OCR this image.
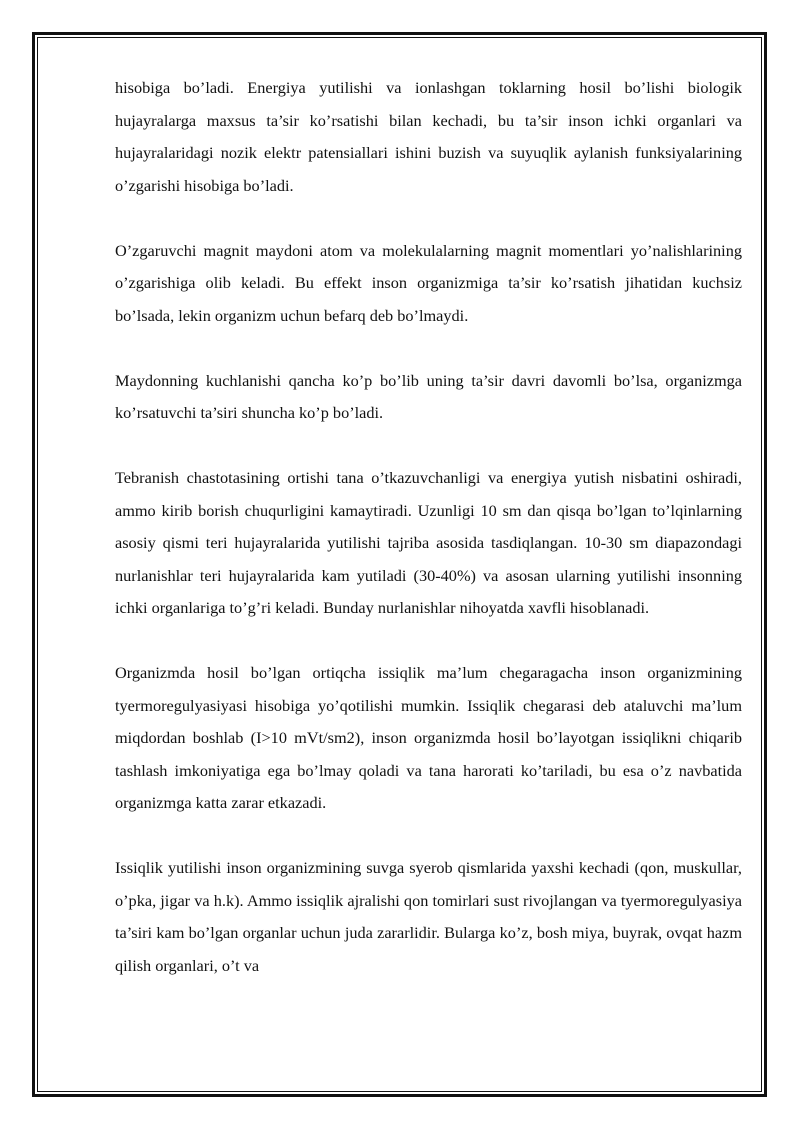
hisobiga bo’ladi. Energiya yutilishi va ionlashgan toklarning hosil bo’lishi biologik hujayralarga maxsus ta’sir ko’rsatishi bilan kechadi, bu ta’sir inson ichki organlari va hujayralaridagi nozik elektr patensiallari ishini buzish va suyuqlik aylanish funksiyalarining o’zgarishi hisobiga bo’ladi.

O’zgaruvchi magnit maydoni atom va molekulalarning magnit momentlari yo’nalishlarining o’zgarishiga olib keladi. Bu effekt inson organizmiga ta’sir ko’rsatish jihatidan kuchsiz bo’lsada, lekin organizm uchun befarq deb bo’lmaydi.

Maydonning kuchlanishi qancha ko’p bo’lib uning ta’sir davri davomli bo’lsa, organizmga ko’rsatuvchi ta’siri shuncha ko’p bo’ladi.

Tebranish chastotasining ortishi tana o’tkazuvchanligi va energiya yutish nisbatini oshiradi, ammo kirib borish chuqurligini kamaytiradi. Uzunligi 10 sm dan qisqa bo’lgan to’lqinlarning asosiy qismi teri hujayralarida yutilishi tajriba asosida tasdiqlangan. 10-30 sm diapazondagi nurlanishlar teri hujayralarida kam yutiladi (30-40%) va asosan ularning yutilishi insonning ichki organlariga to’g’ri keladi. Bunday nurlanishlar nihoyatda xavfli hisoblanadi.

Organizmda hosil bo’lgan ortiqcha issiqlik ma’lum chegaragacha inson organizmining tyermoregulyasiyasi hisobiga yo’qotilishi mumkin. Issiqlik chegarasi deb ataluvchi ma’lum miqdordan boshlab (I>10 mVt/sm2), inson organizmda hosil bo’layotgan issiqlikni chiqarib tashlash imkoniyatiga ega bo’lmay qoladi va tana harorati ko’tariladi, bu esa o’z navbatida organizmga katta zarar etkazadi.

Issiqlik yutilishi inson organizmining suvga syerob qismlarida yaxshi kechadi (qon, muskullar, o’pka, jigar va h.k). Ammo issiqlik ajralishi qon tomirlari sust rivojlangan va tyermoregulyasiya ta’siri kam bo’lgan organlar uchun juda zararlidir. Bularga ko’z, bosh miya, buyrak, ovqat hazm qilish organlari, o’t va
